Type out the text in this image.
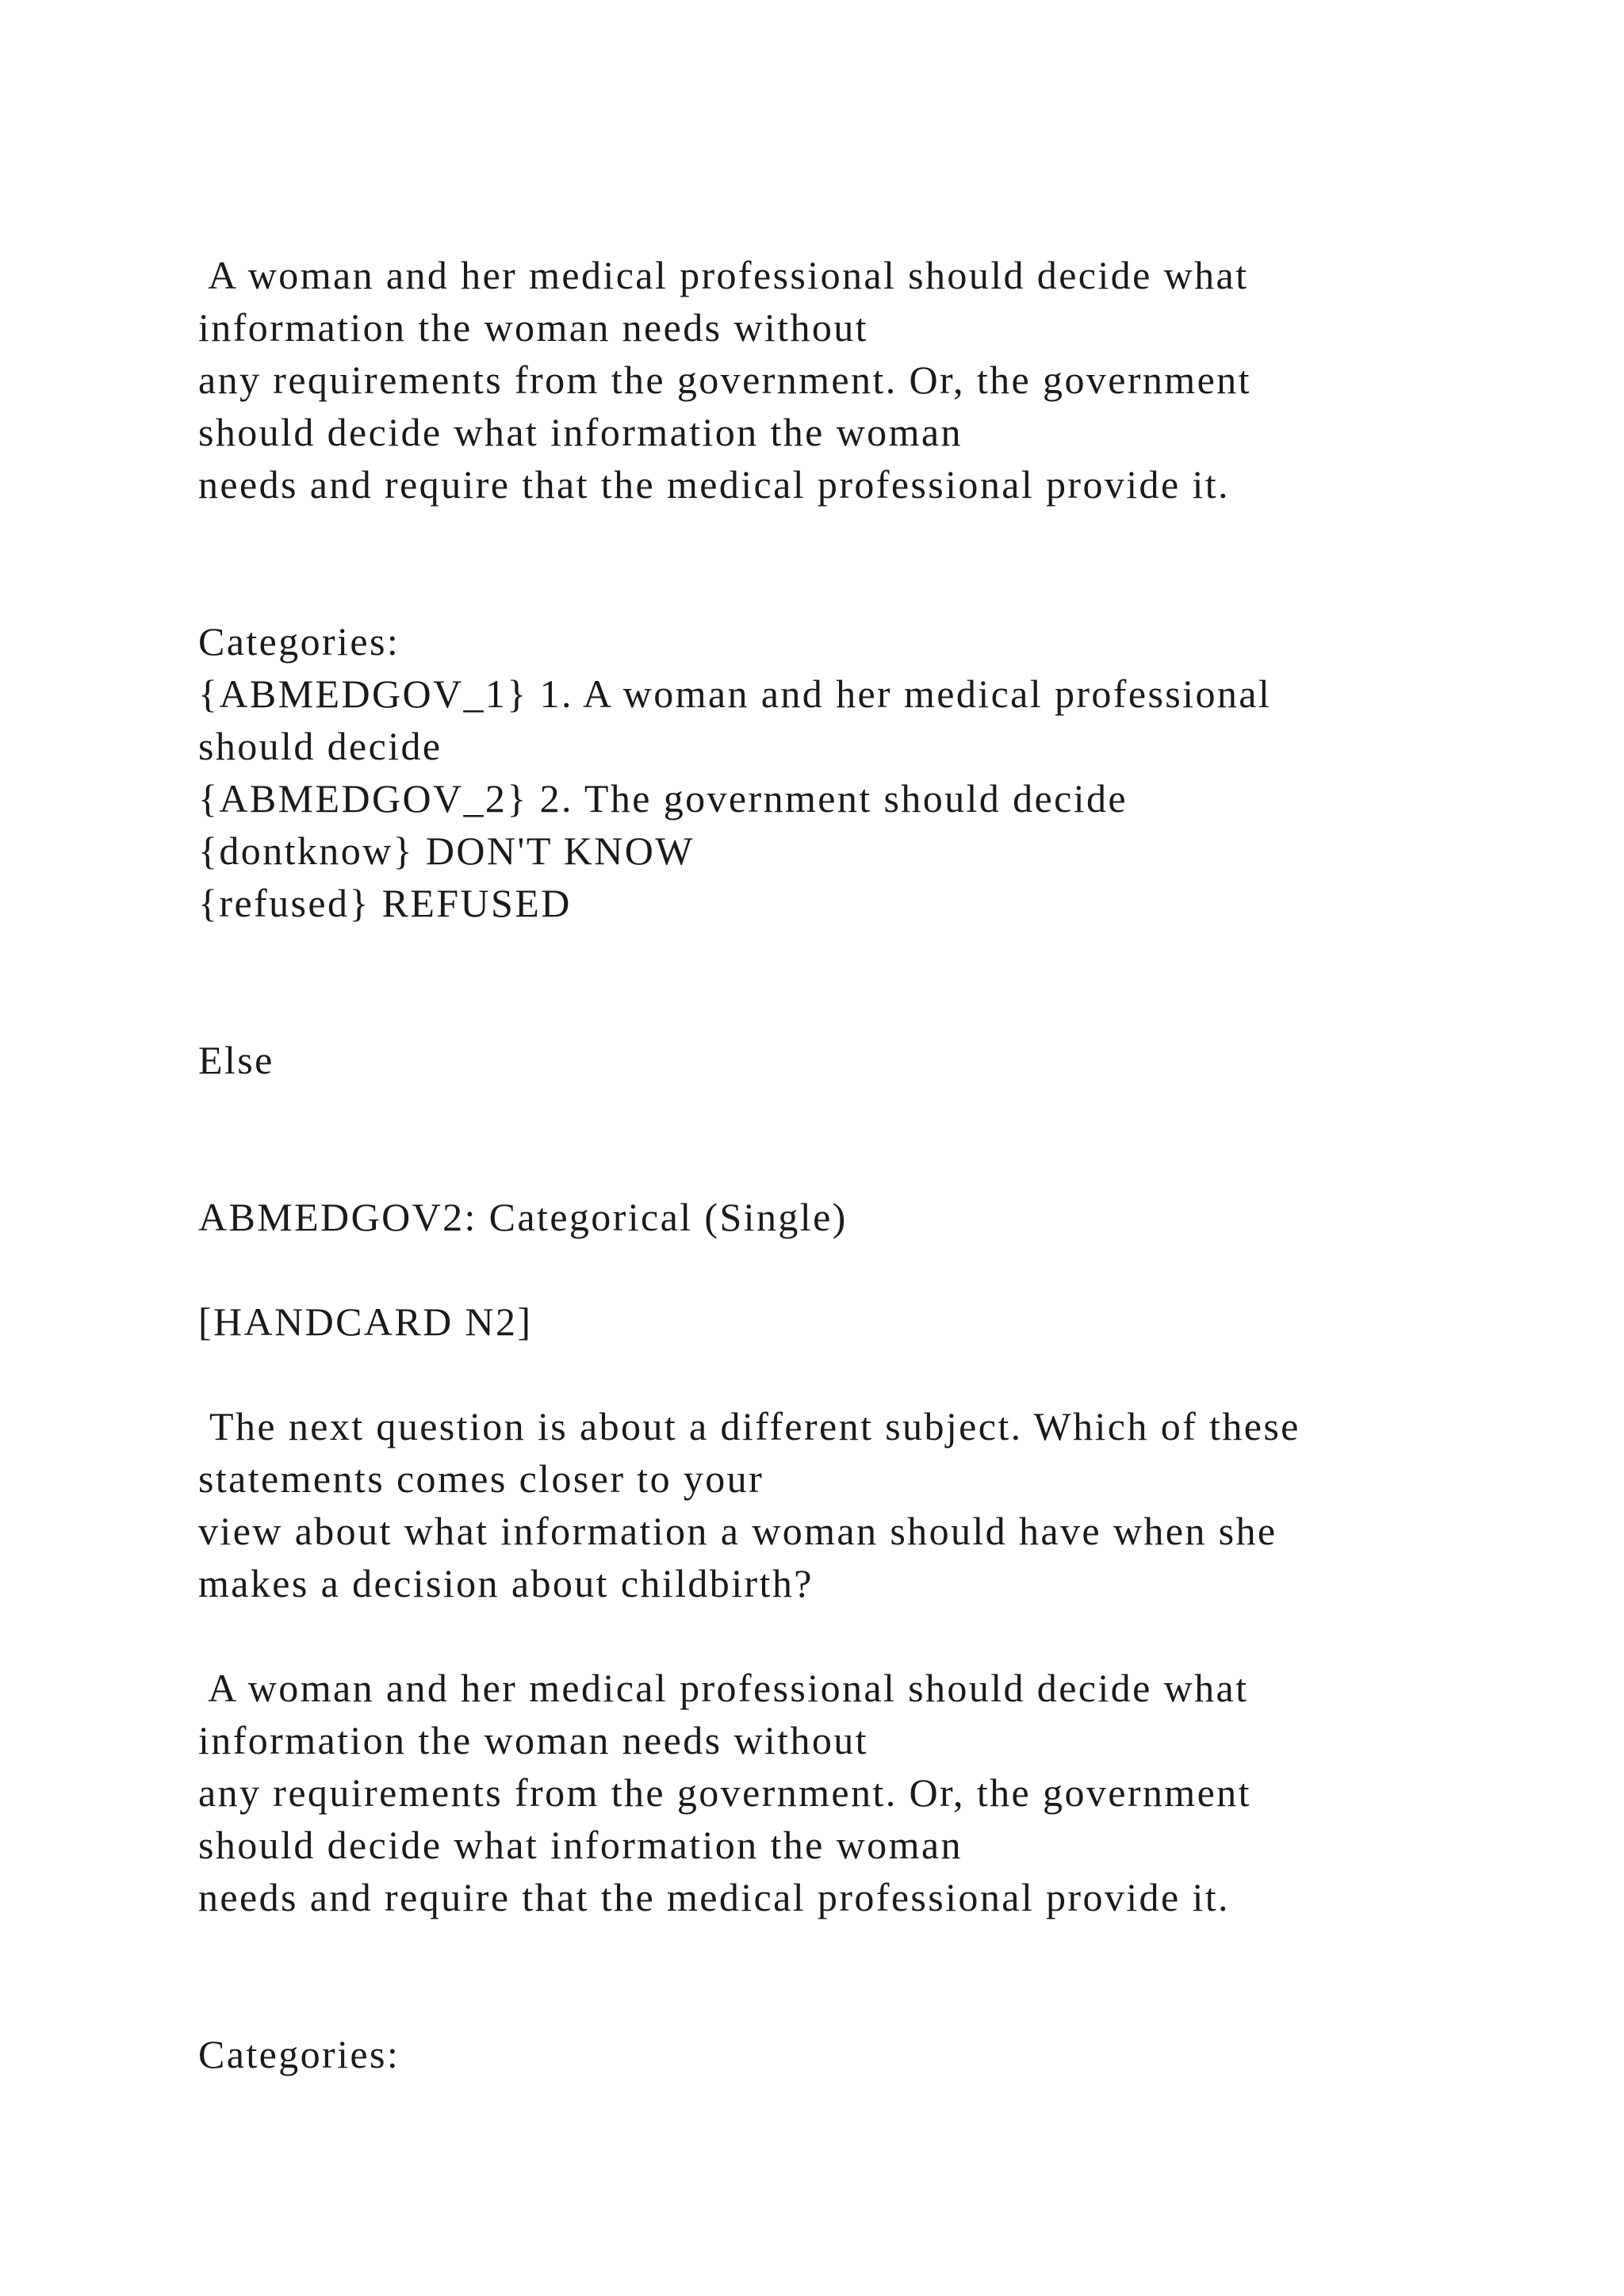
A woman and her medical professional should decide what

information the woman needs without

any requirements from the government. Or, the government

should decide what information the woman

needs and require that the medical professional provide it.

Categories:

{ABMEDGOV_1} 1. A woman and her medical professional

should decide

{ABMEDGOV_2} 2. The government should decide

{dontknow} DON'T KNOW

{refused} REFUSED

Else

ABMEDGOV2: Categorical (Single)

[HANDCARD N2]

The next question is about a different subject. Which of these

statements comes closer to your

view about what information a woman should have when she

makes a decision about childbirth?

A woman and her medical professional should decide what

information the woman needs without

any requirements from the government. Or, the government

should decide what information the woman

needs and require that the medical professional provide it.

Categories:
